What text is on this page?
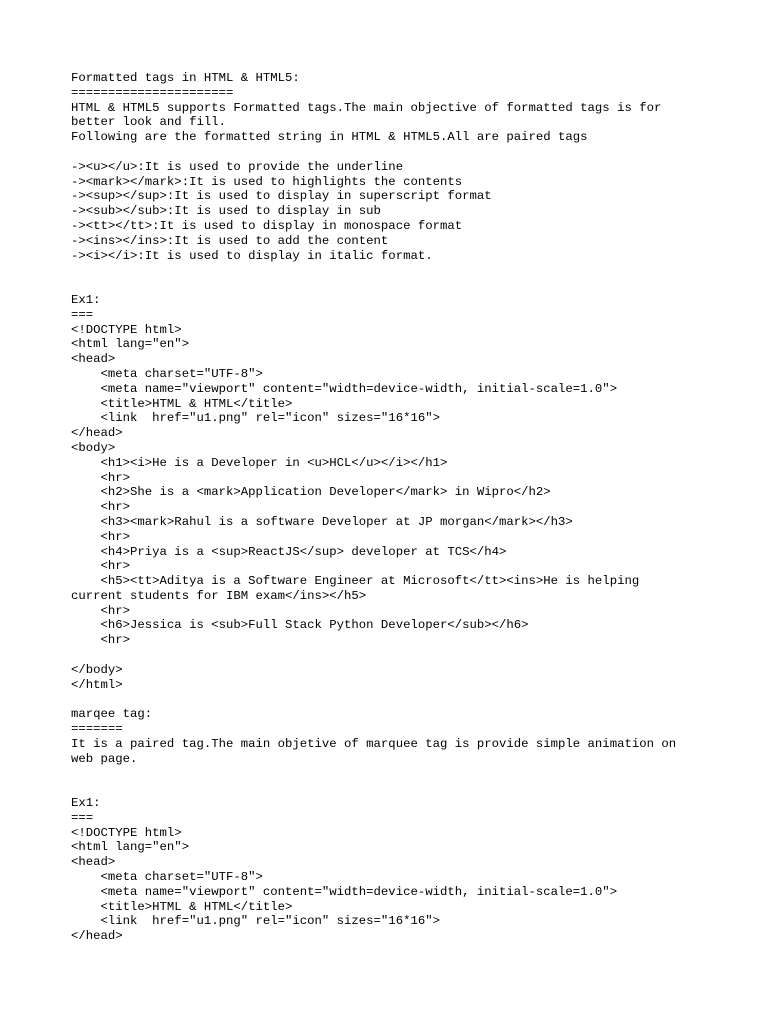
Formatted tags in HTML & HTML5:
======================
HTML & HTML5 supports Formatted tags.The main objective of formatted tags is for
better look and fill.
Following are the formatted string in HTML & HTML5.All are paired tags
-><u></u>:It is used to provide the underline
-><mark></mark>:It is used to highlights the contents
-><sup></sup>:It is used to display in superscript format
-><sub></sub>:It is used to display in sub
-><tt></tt>:It is used to display in monospace format
-><ins></ins>:It is used to add the content
-><i></i>:It is used to display in italic format.
Ex1:
===
<!DOCTYPE html>
<html lang="en">
<head>
<meta charset="UTF-8">
<meta name="viewport" content="width=device-width, initial-scale=1.0">
<title>HTML & HTML</title>
<link  href="u1.png" rel="icon" sizes="16*16">
</head>
<body>
<h1><i>He is a Developer in <u>HCL</u></i></h1>
<hr>
<h2>She is a <mark>Application Developer</mark> in Wipro</h2>
<hr>
<h3><mark>Rahul is a software Developer at JP morgan</mark></h3>
<hr>
<h4>Priya is a <sup>ReactJS</sup> developer at TCS</h4>
<hr>
<h5><tt>Aditya is a Software Engineer at Microsoft</tt><ins>He is helping
current students for IBM exam</ins></h5>
<hr>
<h6>Jessica is <sub>Full Stack Python Developer</sub></h6>
<hr>
</body>
</html>
marqee tag:
=======
It is a paired tag.The main objetive of marquee tag is provide simple animation on
web page.
Ex1:
===
<!DOCTYPE html>
<html lang="en">
<head>
<meta charset="UTF-8">
<meta name="viewport" content="width=device-width, initial-scale=1.0">
<title>HTML & HTML</title>
<link  href="u1.png" rel="icon" sizes="16*16">
</head>
